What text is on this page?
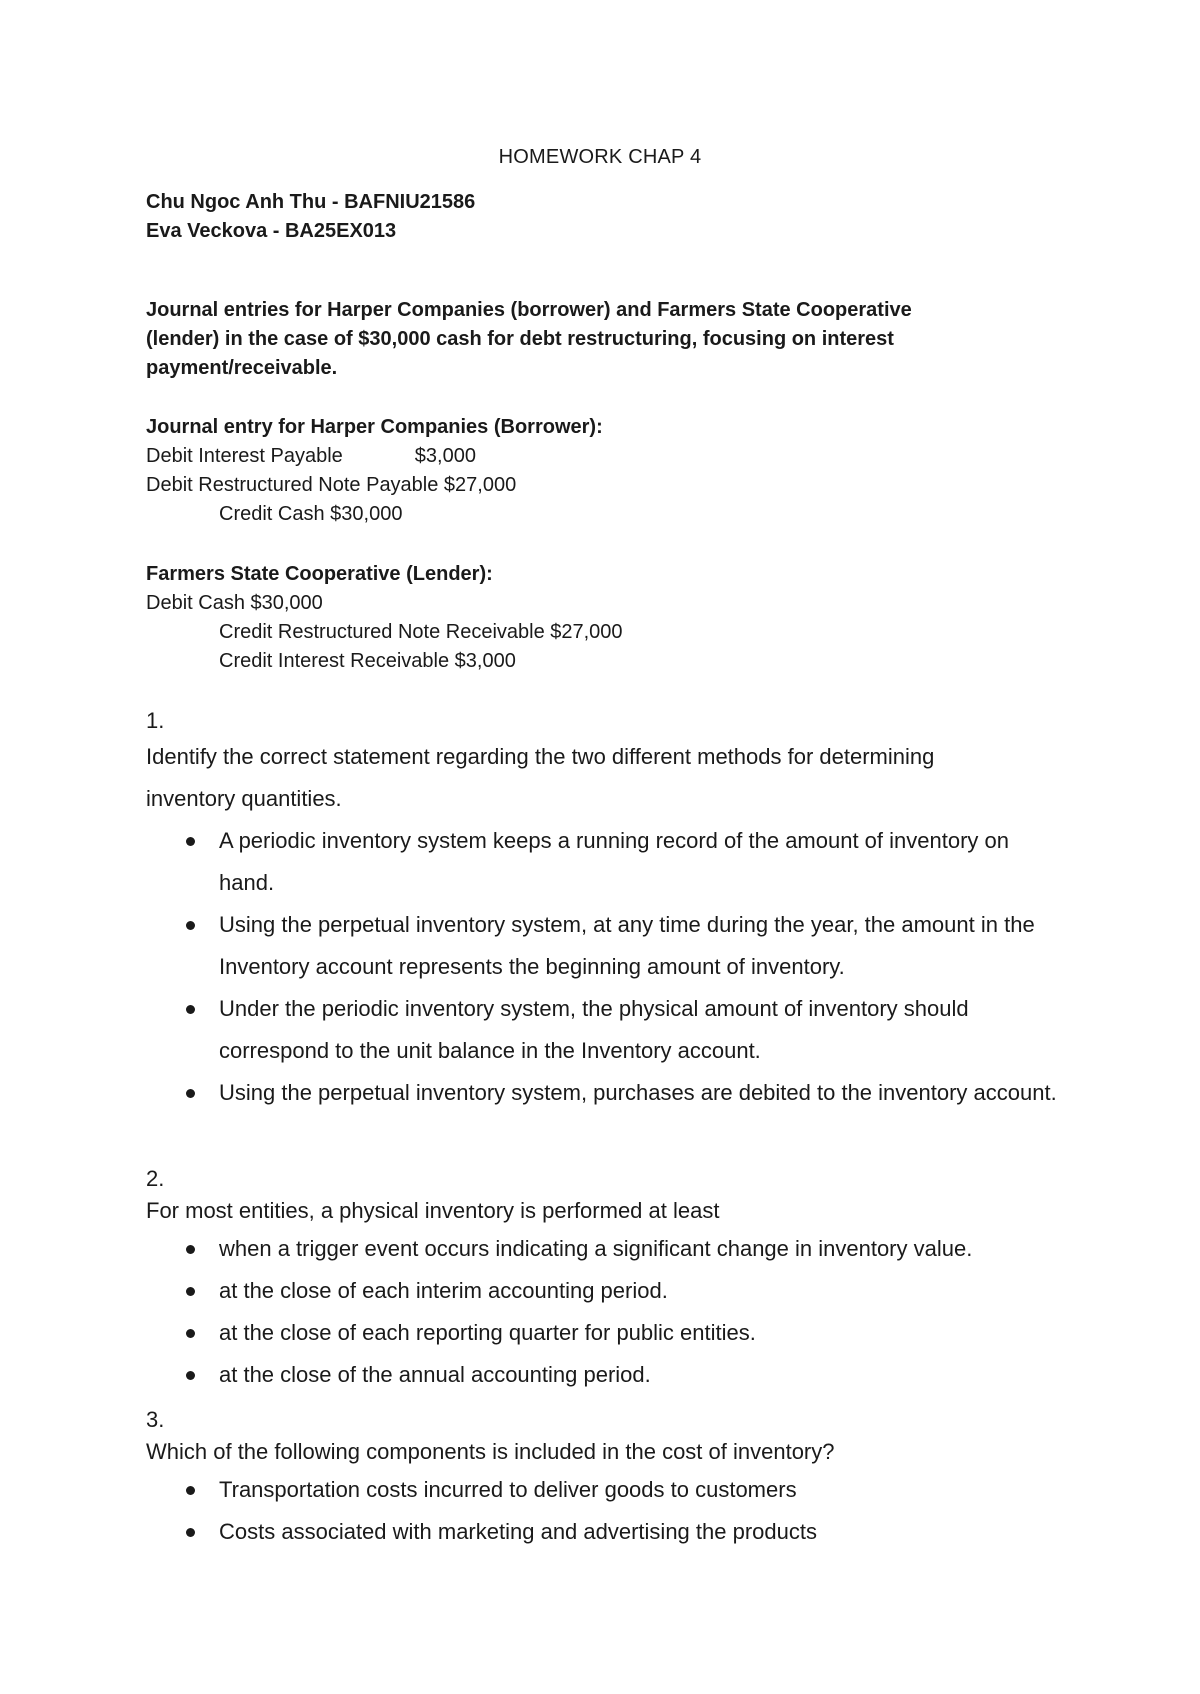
HOMEWORK CHAP 4
Chu Ngoc Anh Thu - BAFNIU21586
Eva Veckova - BA25EX013
Journal entries for Harper Companies (borrower) and Farmers State Cooperative
(lender) in the case of $30,000 cash for debt restructuring, focusing on interest
payment/receivable.
Journal entry for Harper Companies (Borrower):
Debit Interest Payable	$3,000
Debit Restructured Note Payable $27,000
Credit Cash $30,000
Farmers State Cooperative (Lender):
Debit Cash $30,000
Credit Restructured Note Receivable $27,000
Credit Interest Receivable $3,000
1.
Identify the correct statement regarding the two different methods for determining inventory quantities.
A periodic inventory system keeps a running record of the amount of inventory on hand.
Using the perpetual inventory system, at any time during the year, the amount in the Inventory account represents the beginning amount of inventory.
Under the periodic inventory system, the physical amount of inventory should correspond to the unit balance in the Inventory account.
Using the perpetual inventory system, purchases are debited to the inventory account.
2.
For most entities, a physical inventory is performed at least
when a trigger event occurs indicating a significant change in inventory value.
at the close of each interim accounting period.
at the close of each reporting quarter for public entities.
at the close of the annual accounting period.
3.
Which of the following components is included in the cost of inventory?
Transportation costs incurred to deliver goods to customers
Costs associated with marketing and advertising the products
